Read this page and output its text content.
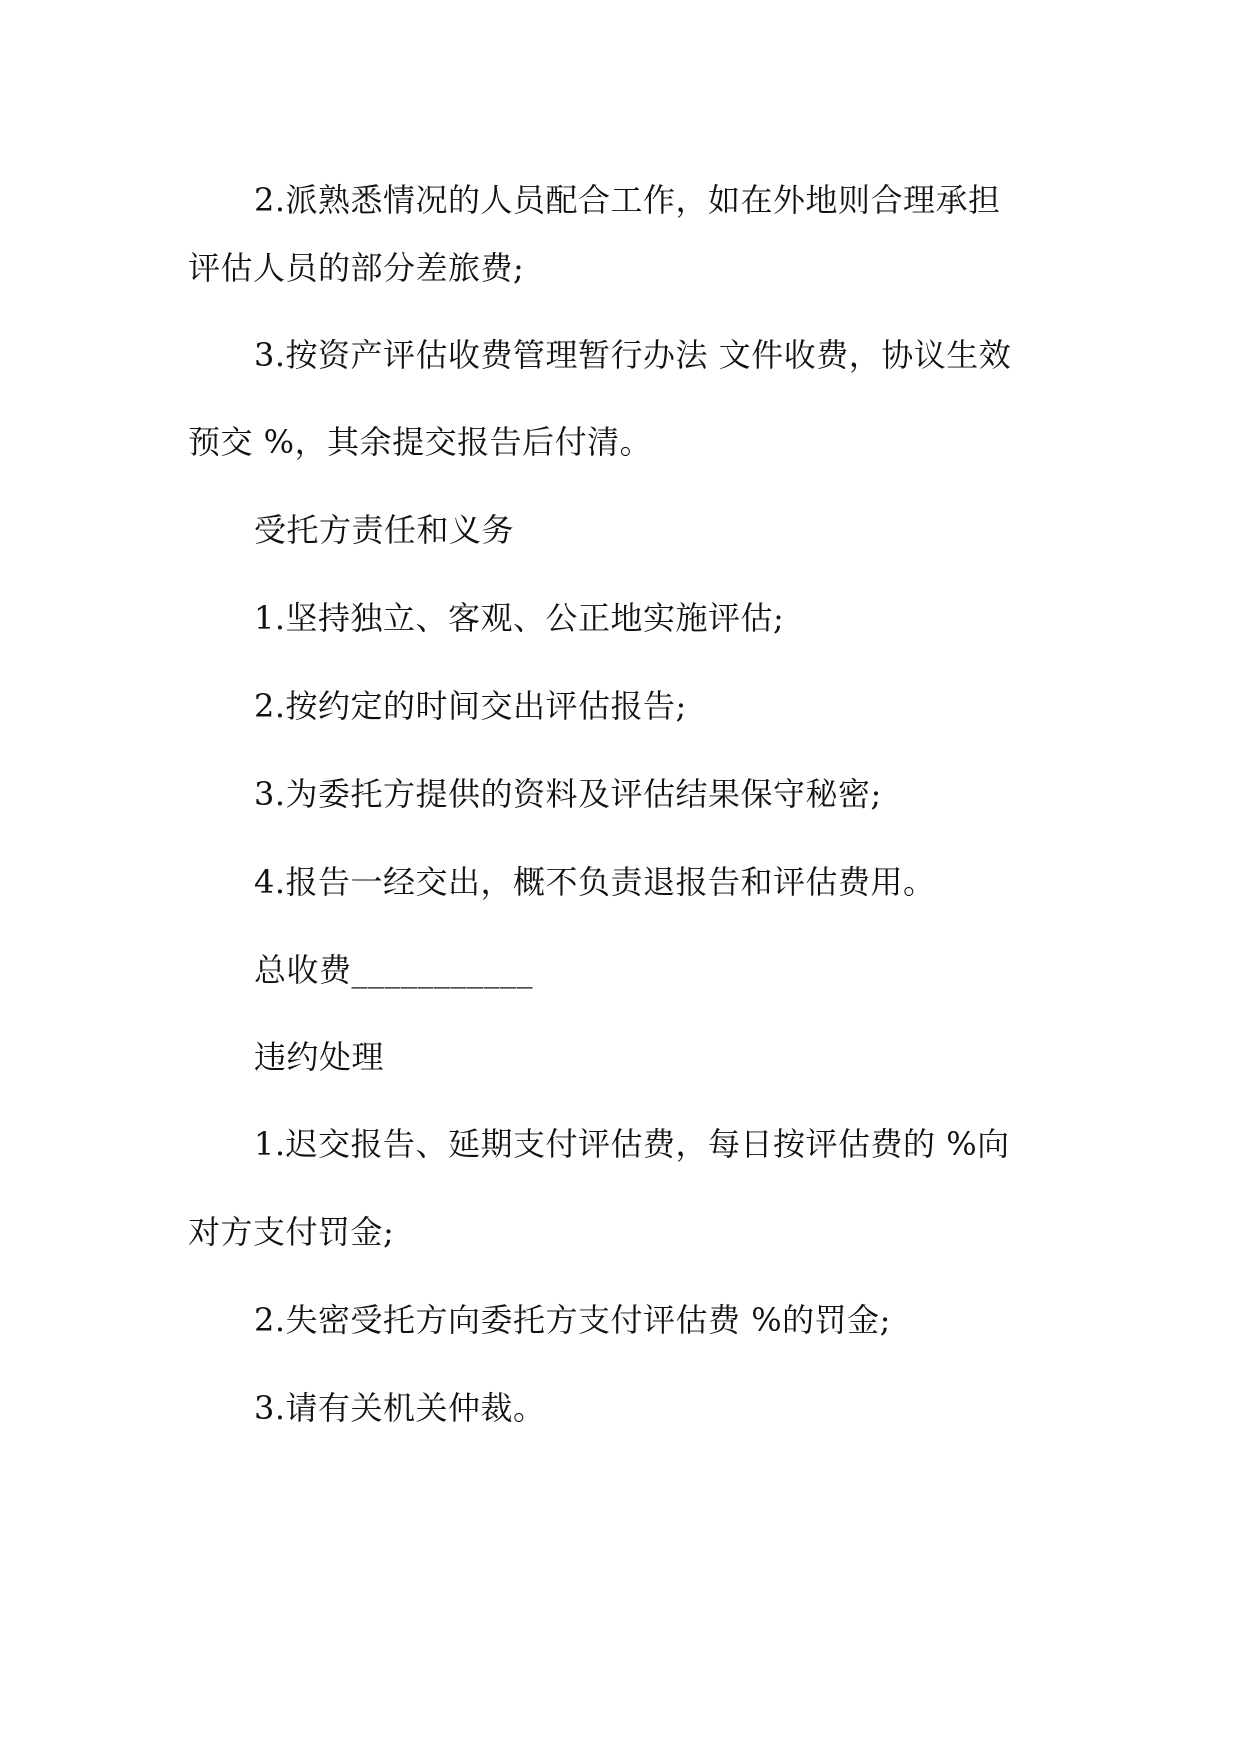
2.派熟悉情况的人员配合工作，如在外地则合理承担
评估人员的部分差旅费;
3.按资产评估收费管理暂行办法 文件收费，协议生效
预交 %，其余提交报告后付清。
受托方责任和义务
1.坚持独立、客观、公正地实施评估;
2.按约定的时间交出评估报告;
3.为委托方提供的资料及评估结果保守秘密;
4.报告一经交出，概不负责退报告和评估费用。
总收费___________
违约处理
1.迟交报告、延期支付评估费，每日按评估费的 %向
对方支付罚金;
2.失密受托方向委托方支付评估费 %的罚金;
3.请有关机关仲裁。
